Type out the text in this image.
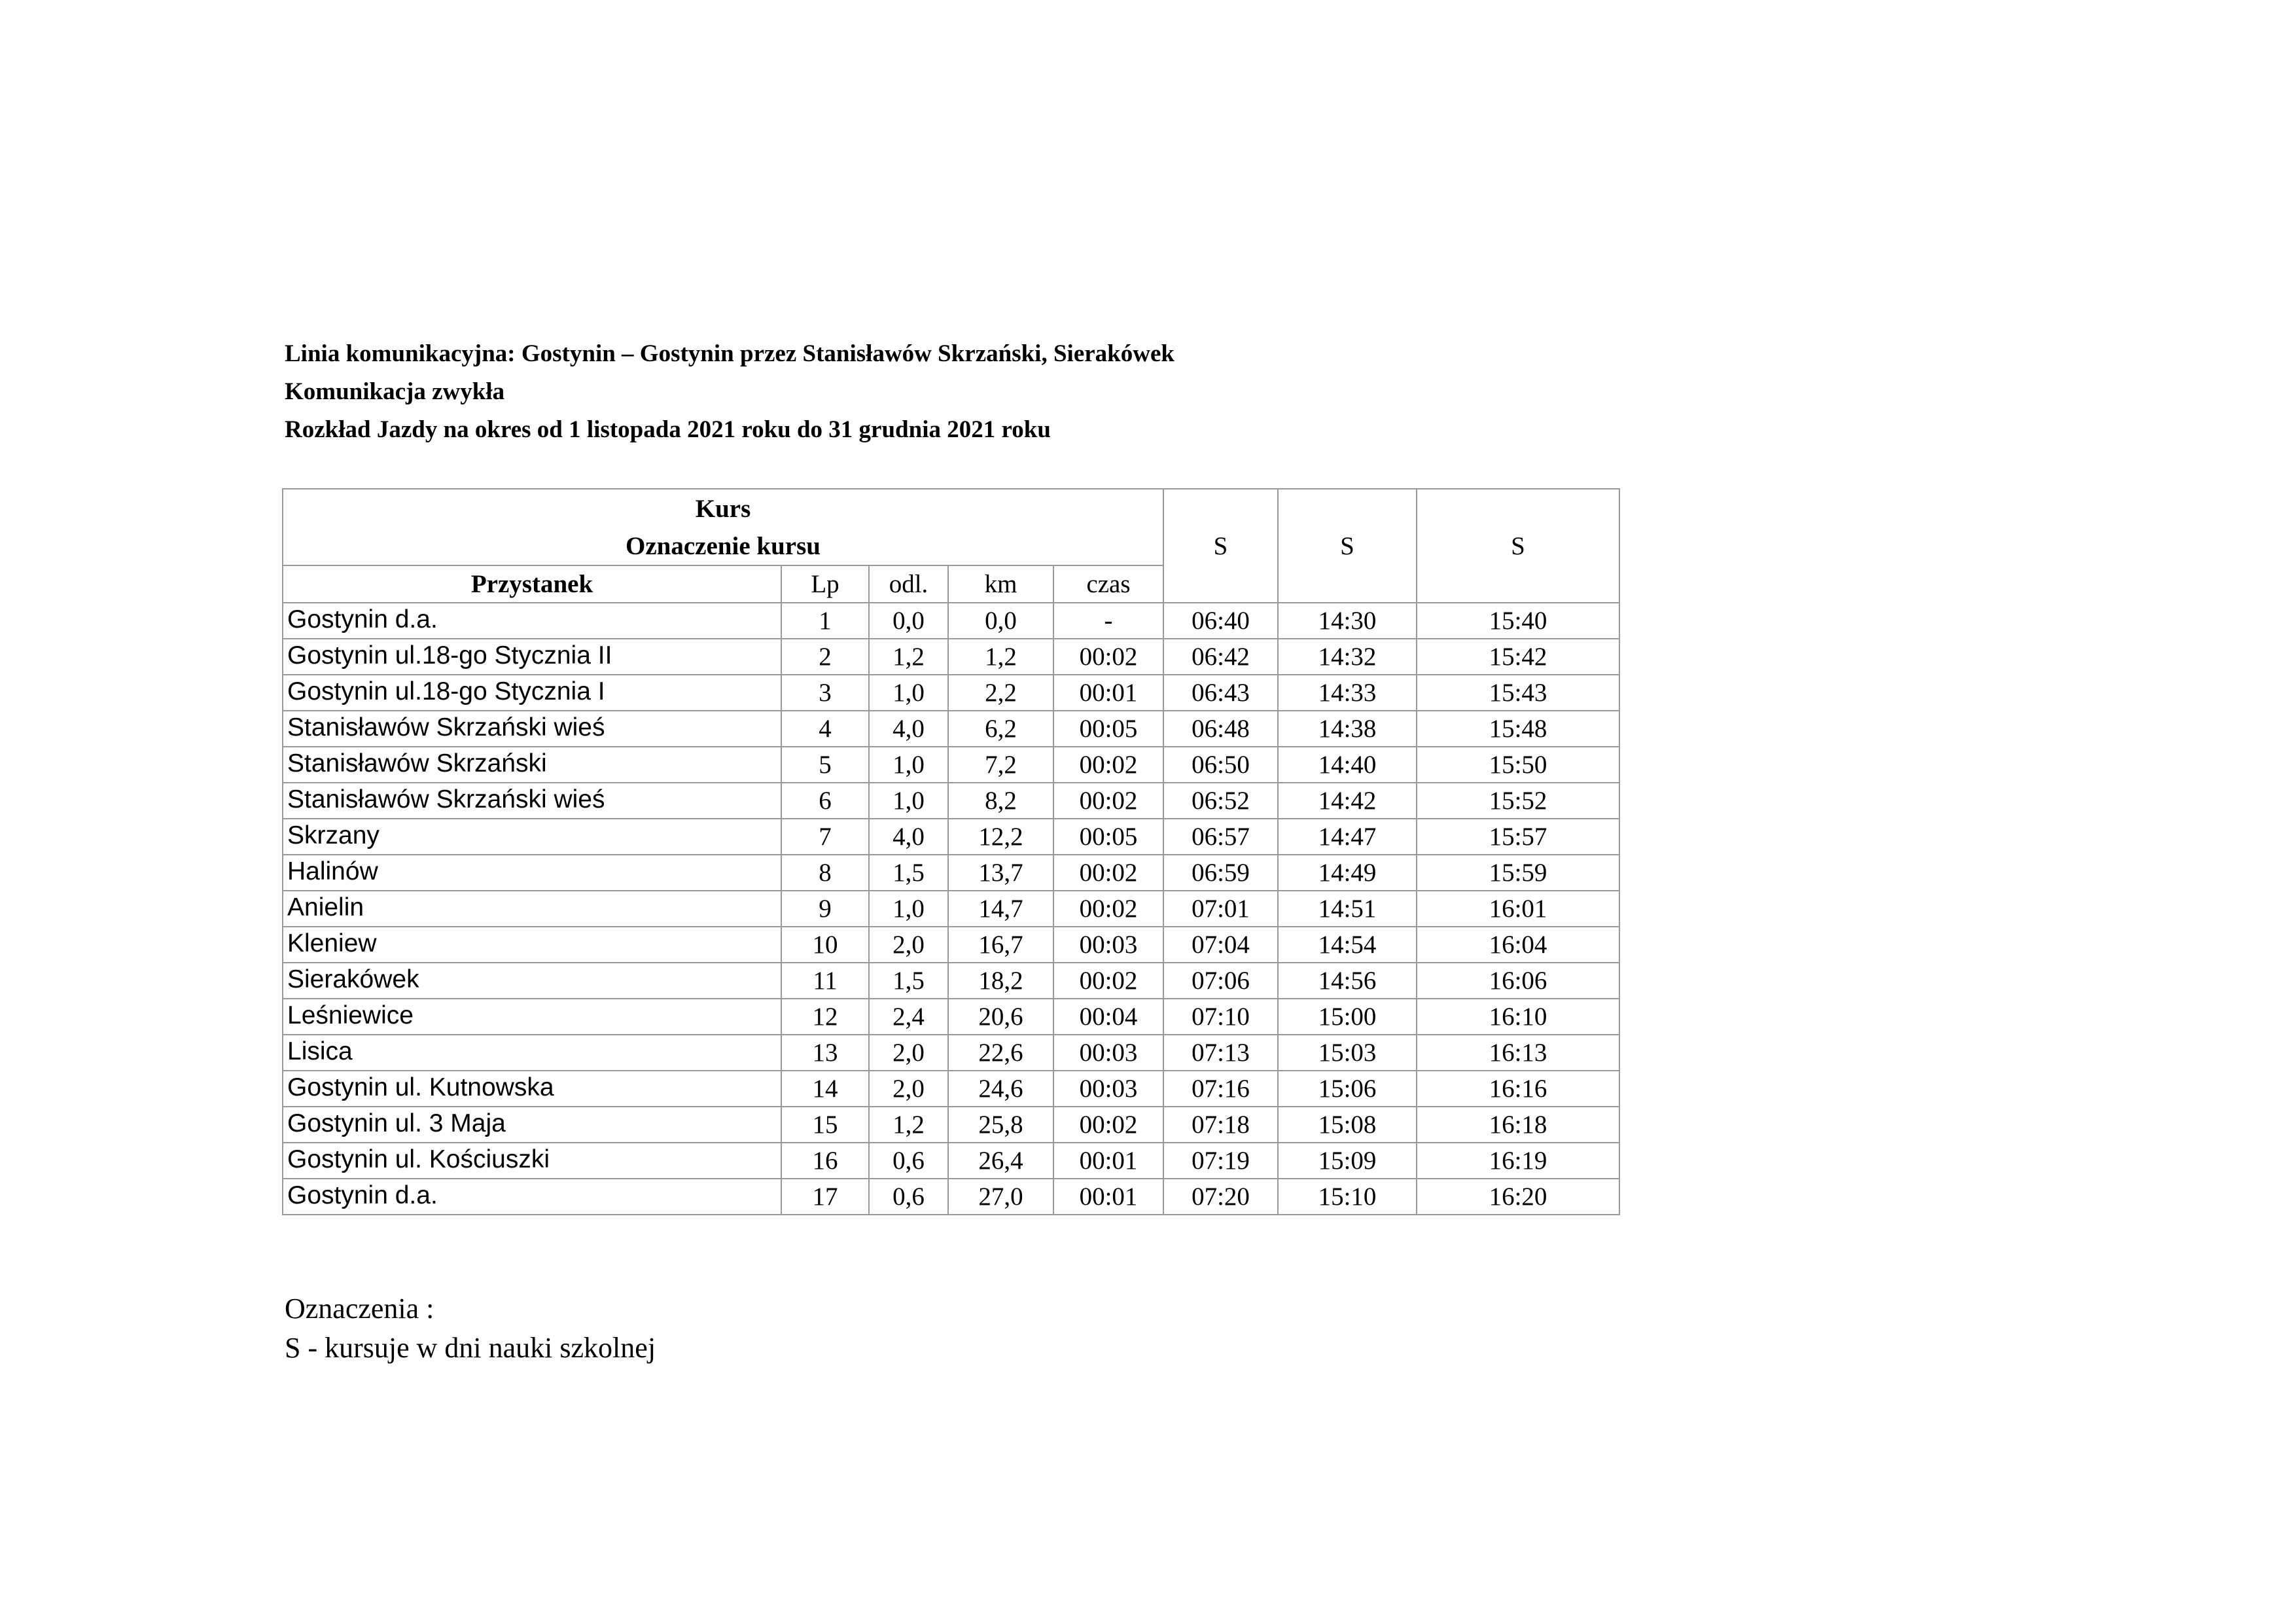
Linia komunikacyjna: Gostynin – Gostynin przez Stanisławów Skrzański, Sierakówek
Komunikacja zwykła
Rozkład Jazdy na okres od 1 listopada 2021 roku do 31 grudnia 2021 roku
Kurs
Oznaczenie kursu					S	S	S
Przystanek	Lp	odl.	km	czas			
Gostynin d.a.	1	0,0	0,0	-	06:40	14:30	15:40
Gostynin ul.18-go Stycznia II	2	1,2	1,2	00:02	06:42	14:32	15:42
Gostynin ul.18-go Stycznia I	3	1,0	2,2	00:01	06:43	14:33	15:43
Stanisławów Skrzański wieś	4	4,0	6,2	00:05	06:48	14:38	15:48
Stanisławów Skrzański	5	1,0	7,2	00:02	06:50	14:40	15:50
Stanisławów Skrzański wieś	6	1,0	8,2	00:02	06:52	14:42	15:52
Skrzany	7	4,0	12,2	00:05	06:57	14:47	15:57
Halinów	8	1,5	13,7	00:02	06:59	14:49	15:59
Anielin	9	1,0	14,7	00:02	07:01	14:51	16:01
Kleniew	10	2,0	16,7	00:03	07:04	14:54	16:04
Sierakówek	11	1,5	18,2	00:02	07:06	14:56	16:06
Leśniewice	12	2,4	20,6	00:04	07:10	15:00	16:10
Lisica	13	2,0	22,6	00:03	07:13	15:03	16:13
Gostynin ul. Kutnowska	14	2,0	24,6	00:03	07:16	15:06	16:16
Gostynin ul. 3 Maja	15	1,2	25,8	00:02	07:18	15:08	16:18
Gostynin ul. Kościuszki	16	0,6	26,4	00:01	07:19	15:09	16:19
Gostynin d.a.	17	0,6	27,0	00:01	07:20	15:10	16:20
Oznaczenia :
S - kursuje w dni nauki szkolnej
